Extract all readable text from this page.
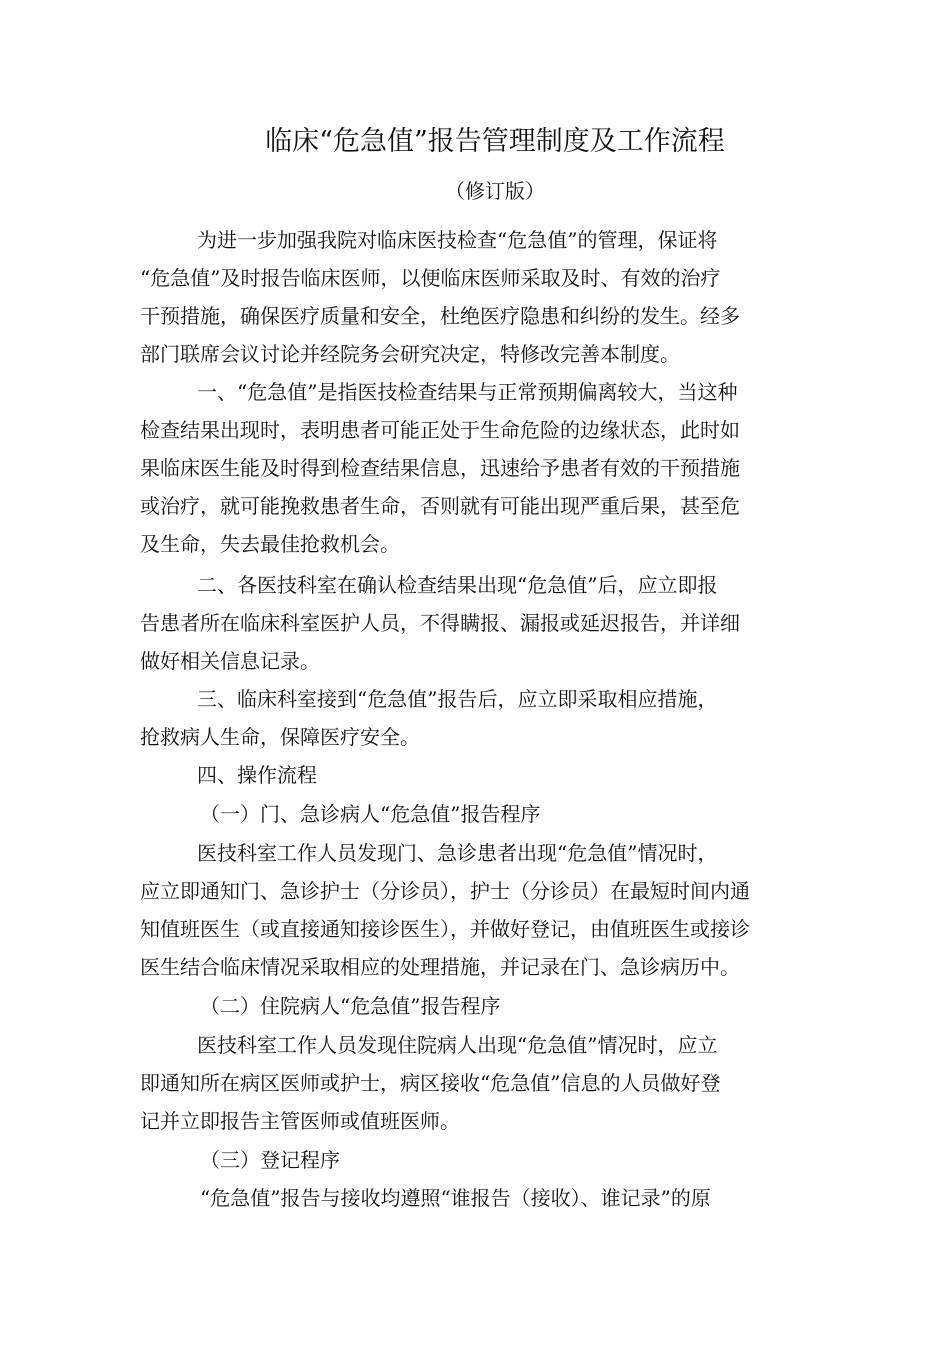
临床“危急值”报告管理制度及工作流程
（修订版）
为进一步加强我院对临床医技检查“危急值”的管理，保证将
“危急值”及时报告临床医师，以便临床医师采取及时、有效的治疗
干预措施，确保医疗质量和安全，杜绝医疗隐患和纠纷的发生。经多
部门联席会议讨论并经院务会研究决定，特修改完善本制度。
一、“危急值”是指医技检查结果与正常预期偏离较大，当这种
检查结果出现时，表明患者可能正处于生命危险的边缘状态，此时如
果临床医生能及时得到检查结果信息，迅速给予患者有效的干预措施
或治疗，就可能挽救患者生命，否则就有可能出现严重后果，甚至危
及生命，失去最佳抢救机会。
二、各医技科室在确认检查结果出现“危急值”后，应立即报
告患者所在临床科室医护人员，不得瞒报、漏报或延迟报告，并详细
做好相关信息记录。
三、临床科室接到“危急值”报告后，应立即采取相应措施，
抢救病人生命，保障医疗安全。
四、操作流程
（一）门、急诊病人“危急值”报告程序
医技科室工作人员发现门、急诊患者出现“危急值”情况时，
应立即通知门、急诊护士（分诊员），护士（分诊员）在最短时间内通
知值班医生（或直接通知接诊医生），并做好登记，由值班医生或接诊
医生结合临床情况采取相应的处理措施，并记录在门、急诊病历中。
（二）住院病人“危急值”报告程序
医技科室工作人员发现住院病人出现“危急值”情况时，应立
即通知所在病区医师或护士，病区接收“危急值”信息的人员做好登
记并立即报告主管医师或值班医师。
（三）登记程序
“危急值”报告与接收均遵照“谁报告（接收）、谁记录”的原
